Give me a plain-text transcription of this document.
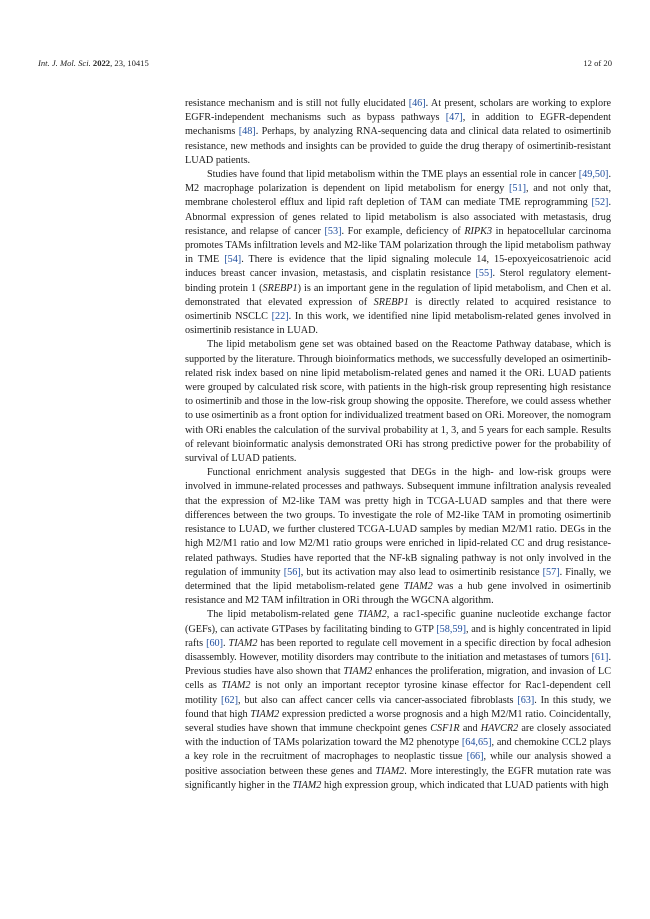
Int. J. Mol. Sci. 2022, 23, 10415	12 of 20

resistance mechanism and is still not fully elucidated [46]. At present, scholars are working to explore EGFR-independent mechanisms such as bypass pathways [47], in addition to EGFR-dependent mechanisms [48]. Perhaps, by analyzing RNA-sequencing data and clinical data related to osimertinib resistance, new methods and insights can be provided to guide the drug therapy of osimertinib-resistant LUAD patients.

Studies have found that lipid metabolism within the TME plays an essential role in cancer [49,50]. M2 macrophage polarization is dependent on lipid metabolism for energy [51], and not only that, membrane cholesterol efflux and lipid raft depletion of TAM can mediate TME reprogramming [52]. Abnormal expression of genes related to lipid metabolism is also associated with metastasis, drug resistance, and relapse of cancer [53]. For example, deficiency of RIPK3 in hepatocellular carcinoma promotes TAMs infiltration levels and M2-like TAM polarization through the lipid metabolism pathway in TME [54]. There is evidence that the lipid signaling molecule 14, 15-epoxyeicosatrienoic acid induces breast cancer invasion, metastasis, and cisplatin resistance [55]. Sterol regulatory element-binding protein 1 (SREBP1) is an important gene in the regulation of lipid metabolism, and Chen et al. demonstrated that elevated expression of SREBP1 is directly related to acquired resistance to osimertinib NSCLC [22]. In this work, we identified nine lipid metabolism-related genes involved in osimertinib resistance in LUAD.

The lipid metabolism gene set was obtained based on the Reactome Pathway database, which is supported by the literature. Through bioinformatics methods, we successfully developed an osimertinib-related risk index based on nine lipid metabolism-related genes and named it the ORi. LUAD patients were grouped by calculated risk score, with patients in the high-risk group representing high resistance to osimertinib and those in the low-risk group showing the opposite. Therefore, we could assess whether to use osimertinib as a front option for individualized treatment based on ORi. Moreover, the nomogram with ORi enables the calculation of the survival probability at 1, 3, and 5 years for each sample. Results of relevant bioinformatic analysis demonstrated ORi has strong predictive power for the probability of survival of LUAD patients.

Functional enrichment analysis suggested that DEGs in the high- and low-risk groups were involved in immune-related processes and pathways. Subsequent immune infiltration analysis revealed that the expression of M2-like TAM was pretty high in TCGA-LUAD samples and that there were differences between the two groups. To investigate the role of M2-like TAM in promoting osimertinib resistance to LUAD, we further clustered TCGA-LUAD samples by median M2/M1 ratio. DEGs in the high M2/M1 ratio and low M2/M1 ratio groups were enriched in lipid-related CC and drug resistance-related pathways. Studies have reported that the NF-kB signaling pathway is not only involved in the regulation of immunity [56], but its activation may also lead to osimertinib resistance [57]. Finally, we determined that the lipid metabolism-related gene TIAM2 was a hub gene involved in osimertinib resistance and M2 TAM infiltration in ORi through the WGCNA algorithm.

The lipid metabolism-related gene TIAM2, a rac1-specific guanine nucleotide exchange factor (GEFs), can activate GTPases by facilitating binding to GTP [58,59], and is highly concentrated in lipid rafts [60]. TIAM2 has been reported to regulate cell movement in a specific direction by focal adhesion disassembly. However, motility disorders may contribute to the initiation and metastases of tumors [61]. Previous studies have also shown that TIAM2 enhances the proliferation, migration, and invasion of LC cells as TIAM2 is not only an important receptor tyrosine kinase effector for Rac1-dependent cell motility [62], but also can affect cancer cells via cancer-associated fibroblasts [63]. In this study, we found that high TIAM2 expression predicted a worse prognosis and a high M2/M1 ratio. Coincidentally, several studies have shown that immune checkpoint genes CSF1R and HAVCR2 are closely associated with the induction of TAMs polarization toward the M2 phenotype [64,65], and chemokine CCL2 plays a key role in the recruitment of macrophages to neoplastic tissue [66], while our analysis showed a positive association between these genes and TIAM2. More interestingly, the EGFR mutation rate was significantly higher in the TIAM2 high expression group, which indicated that LUAD patients with high
